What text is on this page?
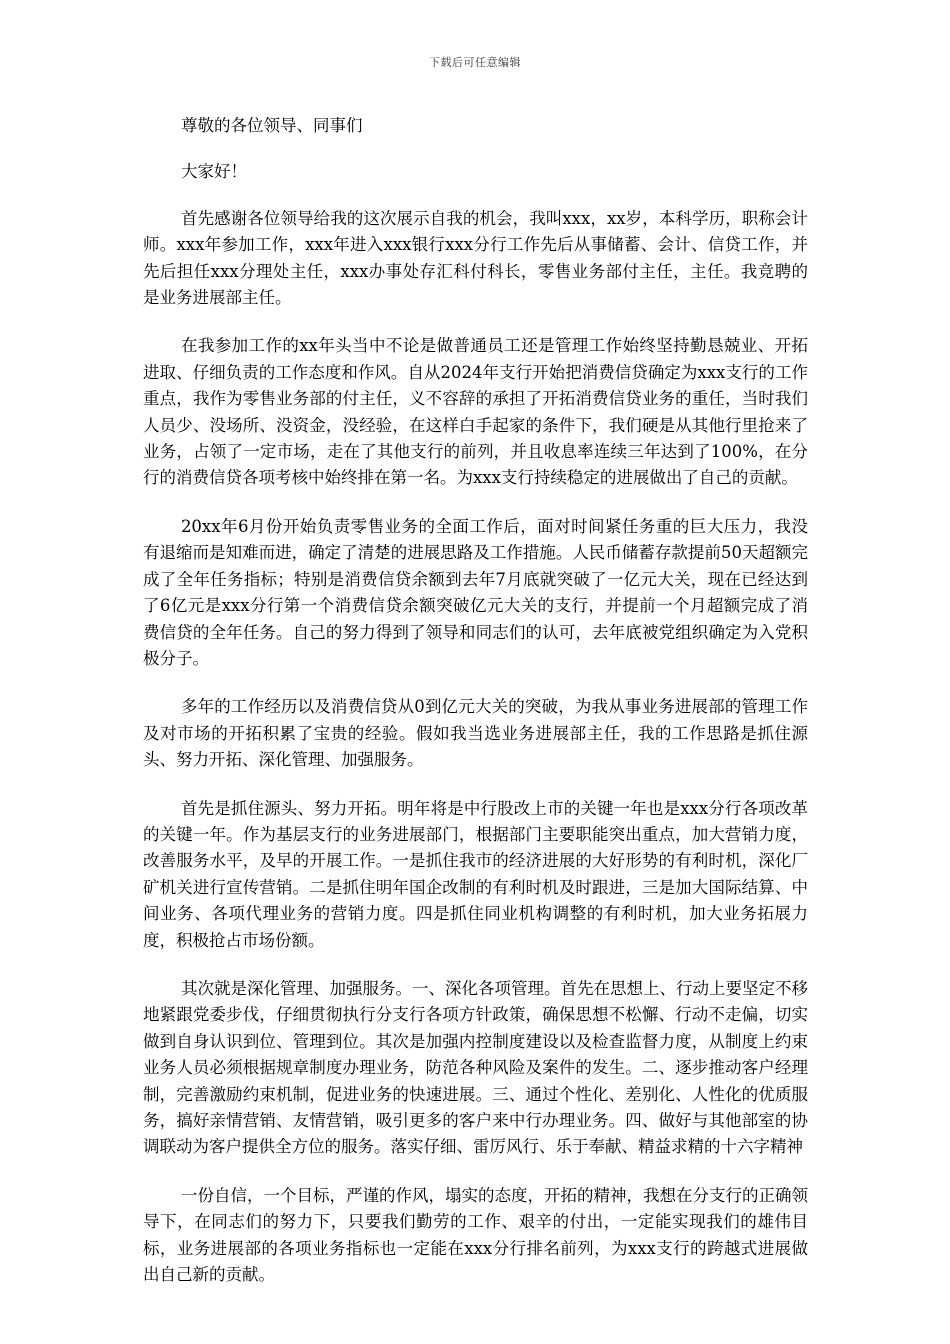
下载后可任意编辑

尊敬的各位领导、同事们

大家好！

首先感谢各位领导给我的这次展示自我的机会，我叫xxx，xx岁，本科学历，职称会计师。xxx年参加工作，xxx年进入xxx银行xxx分行工作先后从事储蓄、会计、信贷工作，并先后担任xxx分理处主任，xxx办事处存汇科付科长，零售业务部付主任，主任。我竞聘的是业务进展部主任。

在我参加工作的xx年头当中不论是做普通员工还是管理工作始终坚持勤恳兢业、开拓进取、仔细负责的工作态度和作风。自从2024年支行开始把消费信贷确定为xxx支行的工作重点，我作为零售业务部的付主任，义不容辞的承担了开拓消费信贷业务的重任，当时我们人员少、没场所、没资金，没经验，在这样白手起家的条件下，我们硬是从其他行里抢来了业务，占领了一定市场，走在了其他支行的前列，并且收息率连续三年达到了100%，在分行的消费信贷各项考核中始终排在第一名。为xxx支行持续稳定的进展做出了自己的贡献。

20xx年6月份开始负责零售业务的全面工作后，面对时间紧任务重的巨大压力，我没有退缩而是知难而进，确定了清楚的进展思路及工作措施。人民币储蓄存款提前50天超额完成了全年任务指标；特别是消费信贷余额到去年7月底就突破了一亿元大关，现在已经达到了6亿元是xxx分行第一个消费信贷余额突破亿元大关的支行，并提前一个月超额完成了消费信贷的全年任务。自己的努力得到了领导和同志们的认可，去年底被党组织确定为入党积极分子。

多年的工作经历以及消费信贷从0到亿元大关的突破，为我从事业务进展部的管理工作及对市场的开拓积累了宝贵的经验。假如我当选业务进展部主任，我的工作思路是抓住源头、努力开拓、深化管理、加强服务。

首先是抓住源头、努力开拓。明年将是中行股改上市的关键一年也是xxx分行各项改革的关键一年。作为基层支行的业务进展部门，根据部门主要职能突出重点，加大营销力度，改善服务水平，及早的开展工作。一是抓住我市的经济进展的大好形势的有利时机，深化厂矿机关进行宣传营销。二是抓住明年国企改制的有利时机及时跟进，三是加大国际结算、中间业务、各项代理业务的营销力度。四是抓住同业机构调整的有利时机，加大业务拓展力度，积极抢占市场份额。

其次就是深化管理、加强服务。一、深化各项管理。首先在思想上、行动上要坚定不移地紧跟党委步伐，仔细贯彻执行分支行各项方针政策，确保思想不松懈、行动不走偏，切实做到自身认识到位、管理到位。其次是加强内控制度建设以及检查监督力度，从制度上约束业务人员必须根据规章制度办理业务，防范各种风险及案件的发生。二、逐步推动客户经理制，完善激励约束机制，促进业务的快速进展。三、通过个性化、差别化、人性化的优质服务，搞好亲情营销、友情营销，吸引更多的客户来中行办理业务。四、做好与其他部室的协调联动为客户提供全方位的服务。落实仔细、雷厉风行、乐于奉献、精益求精的十六字精神

一份自信，一个目标，严谨的作风，塌实的态度，开拓的精神，我想在分支行的正确领导下，在同志们的努力下，只要我们勤劳的工作、艰辛的付出，一定能实现我们的雄伟目标，业务进展部的各项业务指标也一定能在xxx分行排名前列，为xxx支行的跨越式进展做出自己新的贡献。
